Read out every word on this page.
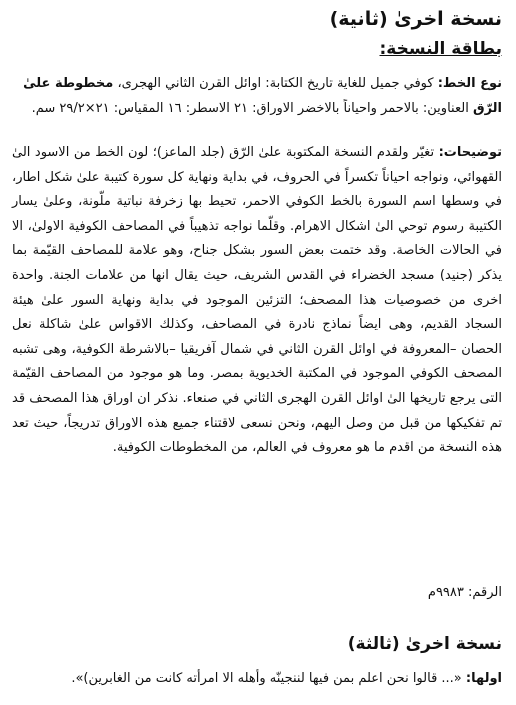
نسخة اخرىٰ (ثانية)
بطاقة النسخة:
نوع الخط: كوفي جميل للغاية تاريخ الكتابة: اوائل القرن الثاني الهجرى، مخطوطة علىٰ
الرّق العناوين: بالاحمر واحياناً بالاخضر الاوراق: ٢١ الاسطر: ١٦ المقياس: ٢١×٢٩/٢ سم.

توضيحات: تغيّر ولقدم النسخة المكتوبة علىٰ الرّق (جلد الماعز)؛ لون الخط من الاسود الىٰ القهوائي، ونواجه احياناً تكسراً في الحروف، في بداية ونهاية كل سورة كتيبة علىٰ شكل اطار، في وسطها اسم السورة بالخط الكوفي الاحمر، تحيط بها زخرفة نباتية ملّونة، وعلىٰ يسار الكتيبة رسوم توحي الىٰ اشكال الاهرام. وقلّما نواجه تذهيباً في المصاحف الكوفية الاولىٰ، الا في الحالات الخاصة. وقد ختمت بعض السور بشكل جناح، وهو علامة للمصاحف القيّمة بما يذكر (جنيد) مسجد الخضراء في القدس الشريف، حيث يقال انها من علامات الجنة. واحدة اخرى من خصوصيات هذا المصحف؛ التزئين الموجود في بداية ونهاية السور علىٰ هيئة السجاد القديم، وهى ايضاً نماذج نادرة في المصاحف، وكذلك الاقواس علىٰ شاكلة نعل الحصان –المعروفة في اوائل القرن الثاني في شمال آفريقيا –بالاشرطة الكوفية، وهى تشبه المصحف الكوفي الموجود في المكتبة الخديوية بمصر. وما هو موجود من المصاحف القيّمة التى يرجع تاريخها الىٰ اوائل القرن الهجرى الثاني في صنعاء. نذكر ان اوراق هذا المصحف قد تم تفكيكها من قبل من وصل اليهم، ونحن نسعى لاقتناء جميع هذه الاوراق تدريجاً، حيث تعد هذه النسخة من اقدم ما هو معروف في العالم، من المخطوطات الكوفية.

الرقم: ٩٩٨٣م
نسخة اخرىٰ (ثالثة)
اولها: «... قالوا نحن اعلم بمن فيها لننجينّه وأهله الا امرأته كانت من الغابرين)».
